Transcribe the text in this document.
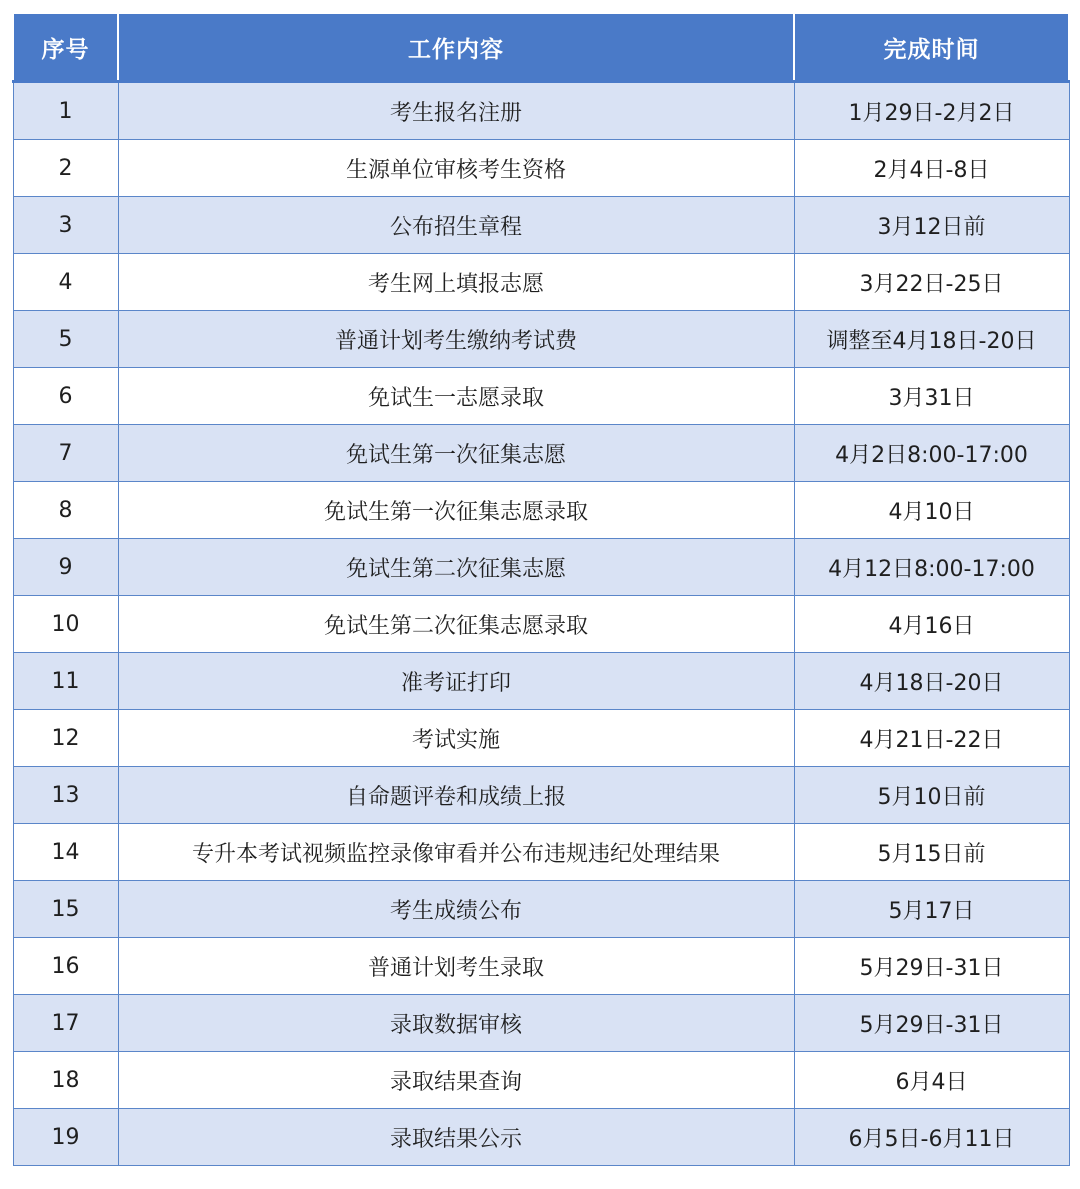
序号	工作内容	完成时间
1	考生报名注册	1月29日-2月2日
2	生源单位审核考生资格	2月4日-8日
3	公布招生章程	3月12日前
4	考生网上填报志愿	3月22日-25日
5	普通计划考生缴纳考试费	调整至4月18日-20日
6	免试生一志愿录取	3月31日
7	免试生第一次征集志愿	4月2日8:00-17:00
8	免试生第一次征集志愿录取	4月10日
9	免试生第二次征集志愿	4月12日8:00-17:00
10	免试生第二次征集志愿录取	4月16日
11	准考证打印	4月18日-20日
12	考试实施	4月21日-22日
13	自命题评卷和成绩上报	5月10日前
14	专升本考试视频监控录像审看并公布违规违纪处理结果	5月15日前
15	考生成绩公布	5月17日
16	普通计划考生录取	5月29日-31日
17	录取数据审核	5月29日-31日
18	录取结果查询	6月4日
19	录取结果公示	6月5日-6月11日
